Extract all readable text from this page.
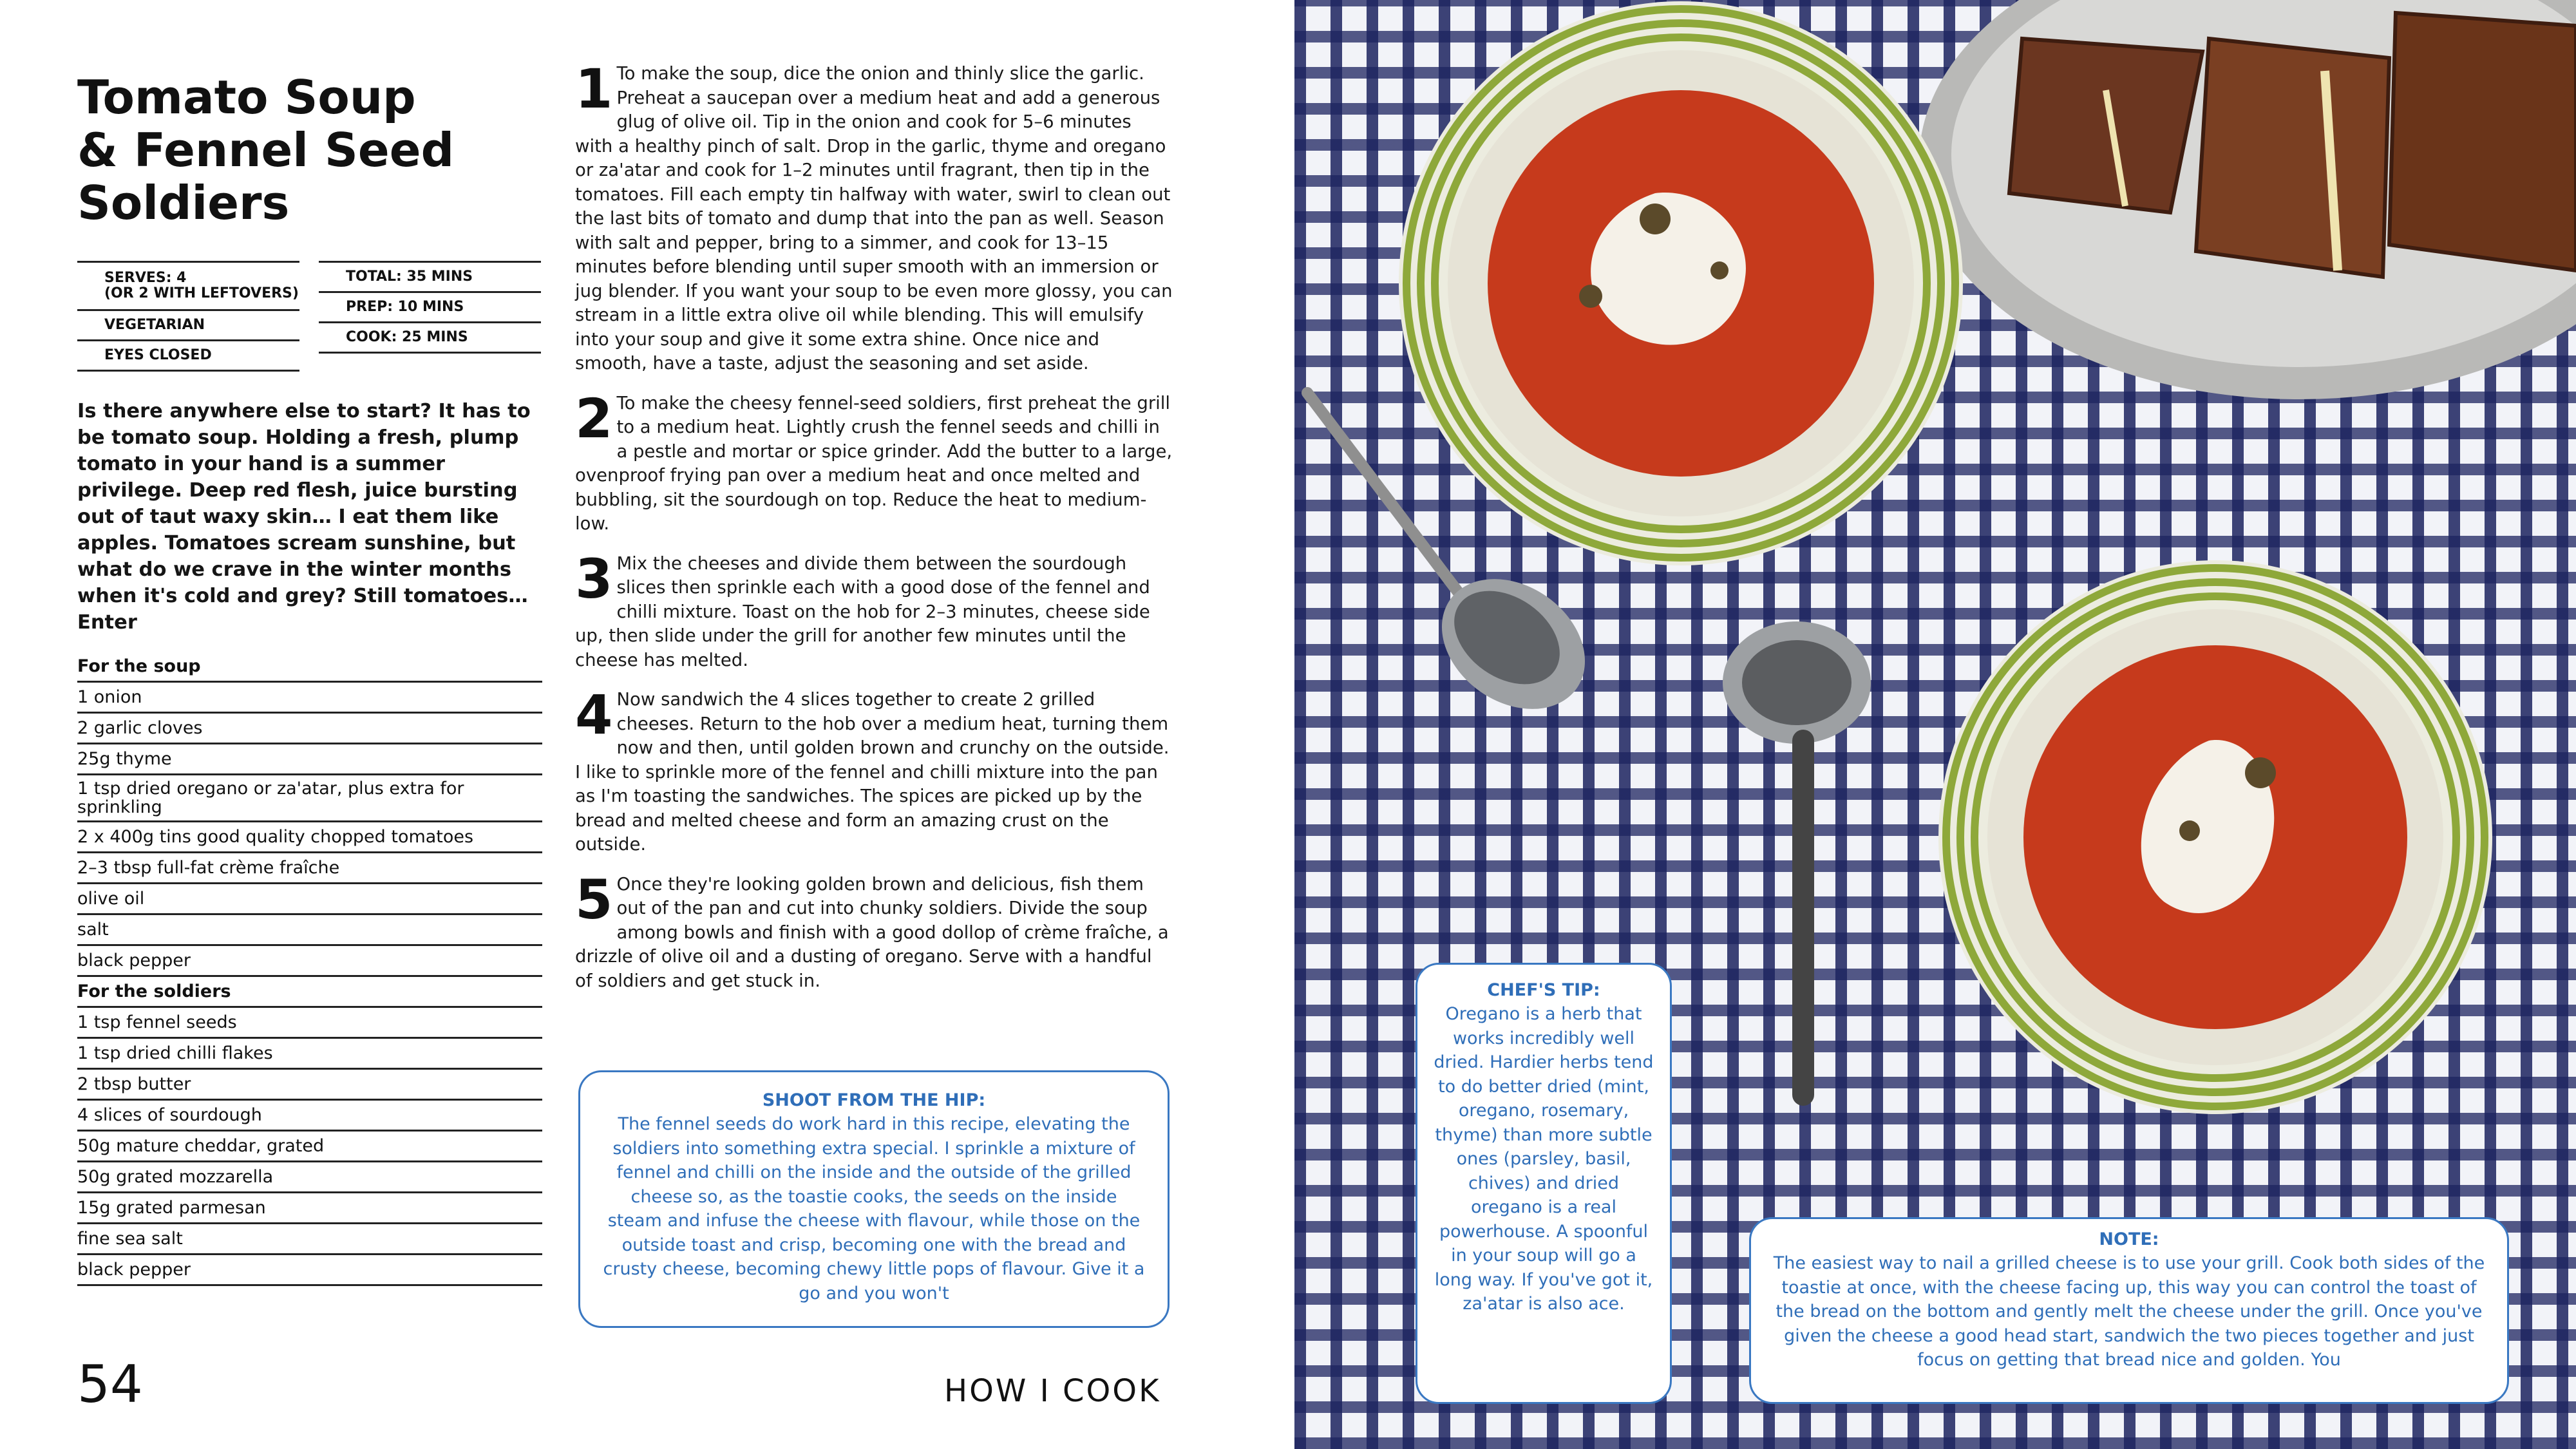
Tomato Soup
& Fennel Seed
Soldiers
SERVES: 4
(OR 2 WITH LEFTOVERS)
VEGETARIAN
EYES CLOSED
TOTAL: 35 MINS
PREP: 10 MINS
COOK: 25 MINS

Is there anywhere else to start? It has to be tomato soup. Holding a fresh, plump tomato in your hand is a summer privilege. Deep red flesh, juice bursting out of taut waxy skin… I eat them like apples. Tomatoes scream sunshine, but what do we crave in the winter months when it's cold and grey? Still tomatoes… Enter

For the soup
1 onion
2 garlic cloves
25g thyme
1 tsp dried oregano or za'atar, plus extra for sprinkling
2 x 400g tins good quality chopped tomatoes
2–3 tbsp full-fat crème fraîche
olive oil
salt
black pepper
For the soldiers
1 tsp fennel seeds
1 tsp dried chilli flakes
2 tbsp butter
4 slices of sourdough
50g mature cheddar, grated
50g grated mozzarella
15g grated parmesan
fine sea salt
black pepper
1 To make the soup, dice the onion and thinly slice the garlic. Preheat a saucepan over a medium heat and add a generous glug of olive oil. Tip in the onion and cook for 5–6 minutes with a healthy pinch of salt. Drop in the garlic, thyme and oregano or za'atar and cook for 1–2 minutes until fragrant, then tip in the tomatoes. Fill each empty tin halfway with water, swirl to clean out the last bits of tomato and dump that into the pan as well. Season with salt and pepper, bring to a simmer, and cook for 13–15 minutes before blending until super smooth with an immersion or jug blender. If you want your soup to be even more glossy, you can stream in a little extra olive oil while blending. This will emulsify into your soup and give it some extra shine. Once nice and smooth, have a taste, adjust the seasoning and set aside.
2 To make the cheesy fennel-seed soldiers, first preheat the grill to a medium heat. Lightly crush the fennel seeds and chilli in a pestle and mortar or spice grinder. Add the butter to a large, ovenproof frying pan over a medium heat and once melted and bubbling, sit the sourdough on top. Reduce the heat to medium-low.
3 Mix the cheeses and divide them between the sourdough slices then sprinkle each with a good dose of the fennel and chilli mixture. Toast on the hob for 2–3 minutes, cheese side up, then slide under the grill for another few minutes until the cheese has melted.
4 Now sandwich the 4 slices together to create 2 grilled cheeses. Return to the hob over a medium heat, turning them now and then, until golden brown and crunchy on the outside. I like to sprinkle more of the fennel and chilli mixture into the pan as I'm toasting the sandwiches. The spices are picked up by the bread and melted cheese and form an amazing crust on the outside.
5 Once they're looking golden brown and delicious, fish them out of the pan and cut into chunky soldiers. Divide the soup among bowls and finish with a good dollop of crème fraîche, a drizzle of olive oil and a dusting of oregano. Serve with a handful of soldiers and get stuck in.

SHOOT FROM THE HIP:

The fennel seeds do work hard in this recipe, elevating the soldiers into something extra special. I sprinkle a mixture of fennel and chilli on the inside and the outside of the grilled cheese so, as the toastie cooks, the seeds on the inside steam and infuse the cheese with flavour, while those on the outside toast and crisp, becoming one with the bread and crusty cheese, becoming chewy little pops of flavour. Give it a go and you won't

54	HOW I COOK

CHEF'S TIP:

Oregano is a herb that works incredibly well dried. Hardier herbs tend to do better dried (mint, oregano, rosemary, thyme) than more subtle ones (parsley, basil, chives) and dried oregano is a real powerhouse. A spoonful in your soup will go a long way. If you've got it, za'atar is also ace.

NOTE:

The easiest way to nail a grilled cheese is to use your grill. Cook both sides of the toastie at once, with the cheese facing up, this way you can control the toast of the bread on the bottom and gently melt the cheese under the grill. Once you've given the cheese a good head start, sandwich the two pieces together and just focus on getting that bread nice and golden. You
